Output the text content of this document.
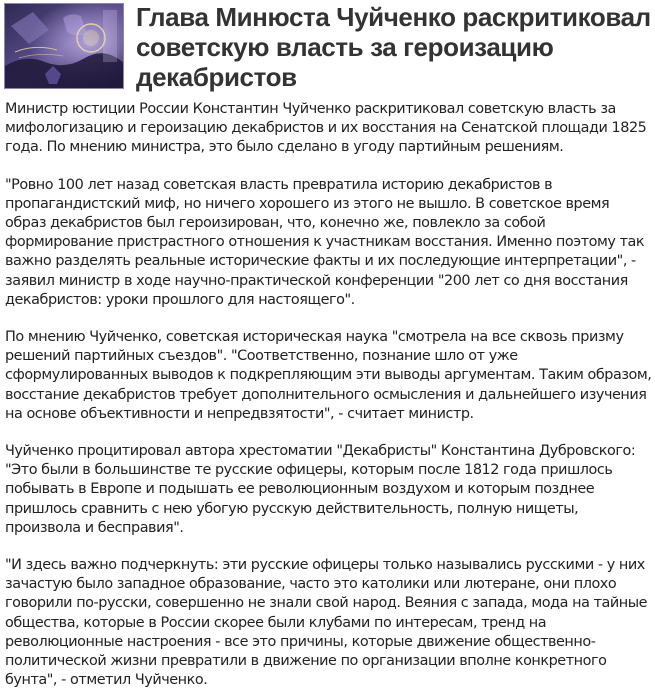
Глава Минюста Чуйченко раскритиковал советскую власть за героизацию декабристов

Министр юстиции России Константин Чуйченко раскритиковал советскую власть за мифологизацию и героизацию декабристов и их восстания на Сенатской площади 1825 года. По мнению министра, это было сделано в угоду партийным решениям.

"Ровно 100 лет назад советская власть превратила историю декабристов в пропагандистский миф, но ничего хорошего из этого не вышло. В советское время образ декабристов был героизирован, что, конечно же, повлекло за собой формирование пристрастного отношения к участникам восстания. Именно поэтому так важно разделять реальные исторические факты и их последующие интерпретации", - заявил министр в ходе научно-практической конференции "200 лет со дня восстания декабристов: уроки прошлого для настоящего".

По мнению Чуйченко, советская историческая наука "смотрела на все сквозь призму решений партийных съездов". "Соответственно, познание шло от уже сформулированных выводов к подкрепляющим эти выводы аргументам. Таким образом, восстание декабристов требует дополнительного осмысления и дальнейшего изучения на основе объективности и непредвзятости", - считает министр.

Чуйченко процитировал автора хрестоматии "Декабристы" Константина Дубровского: "Это были в большинстве те русские офицеры, которым после 1812 года пришлось побывать в Европе и подышать ее революционным воздухом и которым позднее пришлось сравнить с нею убогую русскую действительность, полную нищеты, произвола и бесправия".

"И здесь важно подчеркнуть: эти русские офицеры только назывались русскими - у них зачастую было западное образование, часто это католики или лютеране, они плохо говорили по-русски, совершенно не знали свой народ. Веяния с запада, мода на тайные общества, которые в России скорее были клубами по интересам, тренд на революционные настроения - все это причины, которые движение общественно-политической жизни превратили в движение по организации вполне конкретного бунта", - отметил Чуйченко.
